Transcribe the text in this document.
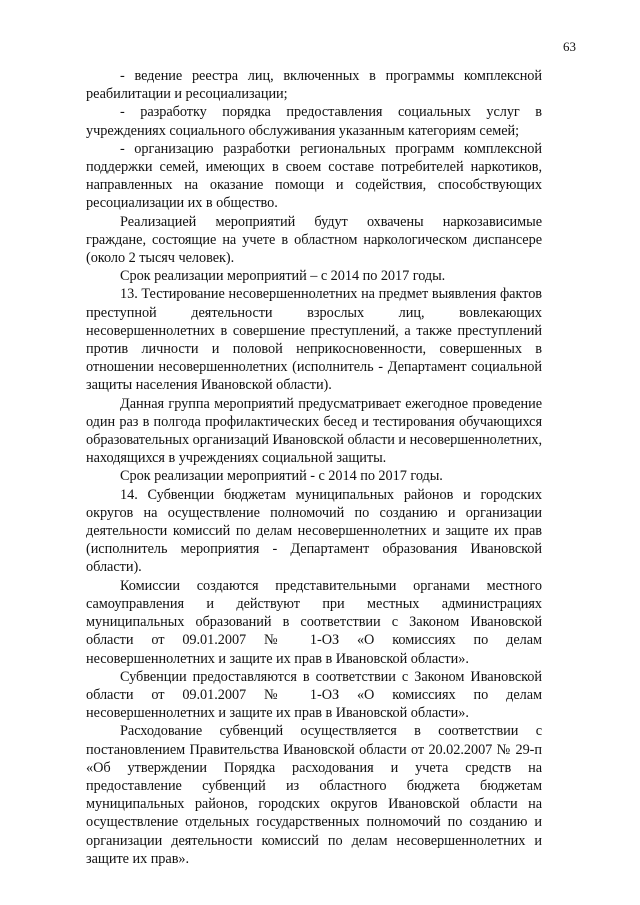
63

- ведение реестра лиц, включенных в программы комплексной реабилитации и ресоциализации;

- разработку порядка предоставления социальных услуг в учреждениях социального обслуживания указанным категориям семей;

- организацию разработки региональных программ комплексной поддержки семей, имеющих в своем составе потребителей наркотиков, направленных на оказание помощи и содействия, способствующих ресоциализации их в общество.

Реализацией мероприятий будут охвачены наркозависимые граждане, состоящие на учете в областном наркологическом диспансере (около 2 тысяч человек).

Срок реализации мероприятий – с 2014 по 2017 годы.

13. Тестирование несовершеннолетних на предмет выявления фактов преступной деятельности взрослых лиц, вовлекающих несовершеннолетних в совершение преступлений, а также преступлений против личности и половой неприкосновенности, совершенных в отношении несовершеннолетних (исполнитель - Департамент социальной защиты населения Ивановской области).

Данная группа мероприятий предусматривает ежегодное проведение один раз в полгода профилактических бесед и тестирования обучающихся образовательных организаций Ивановской области и несовершеннолетних, находящихся в учреждениях социальной защиты.

Срок реализации мероприятий - с 2014 по 2017 годы.

14. Субвенции бюджетам муниципальных районов и городских округов на осуществление полномочий по созданию и организации деятельности комиссий по делам несовершеннолетних и защите их прав (исполнитель мероприятия - Департамент образования Ивановской области).

Комиссии создаются представительными органами местного самоуправления и действуют при местных администрациях муниципальных образований в соответствии с Законом Ивановской области от 09.01.2007 № 1-ОЗ «О комиссиях по делам несовершеннолетних и защите их прав в Ивановской области».

Субвенции предоставляются в соответствии с Законом Ивановской области от 09.01.2007 № 1-ОЗ «О комиссиях по делам несовершеннолетних и защите их прав в Ивановской области».

Расходование субвенций осуществляется в соответствии с постановлением Правительства Ивановской области от 20.02.2007 № 29-п «Об утверждении Порядка расходования и учета средств на предоставление субвенций из областного бюджета бюджетам муниципальных районов, городских округов Ивановской области на осуществление отдельных государственных полномочий по созданию и организации деятельности комиссий по делам несовершеннолетних и защите их прав».
